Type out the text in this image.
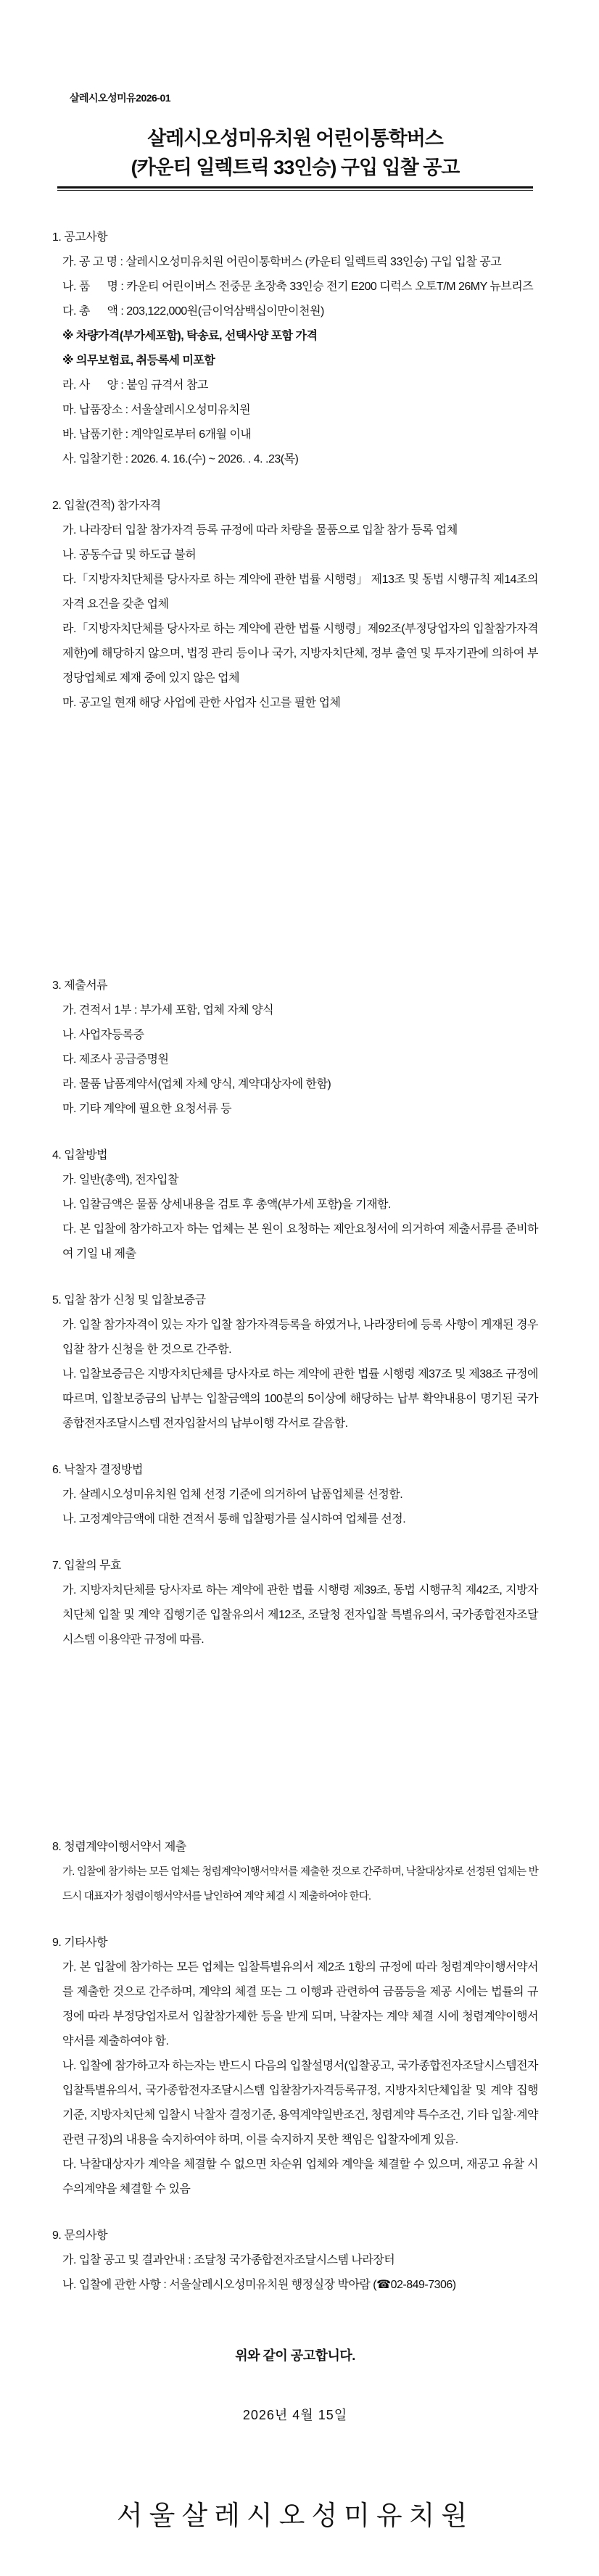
살레시오성미유2026-01

살레시오성미유치원 어린이통학버스
(카운티 일렉트릭 33인승) 구입 입찰 공고

1. 공고사항

가. 공 고 명 : 살레시오성미유치원 어린이통학버스 (카운티 일렉트릭 33인승) 구입 입찰 공고

나. 품      명 : 카운티 어린이버스 전중문 초장축 33인승 전기 E200 디럭스 오토T/M 26MY 뉴브리즈

다. 총      액 : 203,122,000원(금이억삼백십이만이천원)

※ 차량가격(부가세포함), 탁송료, 선택사양 포함 가격

※ 의무보험료, 취등록세 미포함

라. 사      양 : 붙임 규격서 참고

마. 납품장소 : 서울살레시오성미유치원

바. 납품기한 : 계약일로부터 6개월 이내

사. 입찰기한 : 2026. 4. 16.(수) ~ 2026. . 4. .23(목)

2. 입찰(견적) 참가자격

가. 나라장터 입찰 참가자격 등록 규정에 따라 차량을 물품으로 입찰 참가 등록 업체

나. 공동수급 및 하도급 불허

다.「지방자치단체를 당사자로 하는 계약에 관한 법률 시행령」 제13조 및 동법 시행규칙 제14조의 자격 요건을 갖춘 업체

라.「지방자치단체를 당사자로 하는 계약에 관한 법률 시행령」제92조(부정당업자의 입찰참가자격 제한)에 해당하지 않으며, 법정 관리 등이나 국가, 지방자치단체, 정부 출연 및 투자기관에 의하여 부정당업체로 제재 중에 있지 않은 업체

마. 공고일 현재 해당 사업에 관한 사업자 신고를 필한 업체

3. 제출서류

가. 견적서 1부 : 부가세 포함, 업체 자체 양식

나. 사업자등록증

다. 제조사 공급증명원

라. 물품 납품계약서(업체 자체 양식, 계약대상자에 한함)

마. 기타 계약에 필요한 요청서류 등

4. 입찰방법

가. 일반(총액), 전자입찰

나. 입찰금액은 물품 상세내용을 검토 후 총액(부가세 포함)을 기재함.

다. 본 입찰에 참가하고자 하는 업체는 본 원이 요청하는 제안요청서에 의거하여 제출서류를 준비하여 기일 내 제출

5. 입찰 참가 신청 및 입찰보증금

가. 입찰 참가자격이 있는 자가 입찰 참가자격등록을 하였거나, 나라장터에 등록 사항이 게재된 경우 입찰 참가 신청을 한 것으로 간주함.

나. 입찰보증금은 지방자치단체를 당사자로 하는 계약에 관한 법률 시행령 제37조 및 제38조 규정에 따르며, 입찰보증금의 납부는 입찰금액의 100분의 5이상에 해당하는 납부 확약내용이 명기된 국가종합전자조달시스템 전자입찰서의 납부이행 각서로 갈음함.

6. 낙찰자 결정방법

가. 살레시오성미유치원 업체 선정 기준에 의거하여 납품업체를 선정함.

나. 고정계약금액에 대한 견적서 통해 입찰평가를 실시하여 업체를 선정.

7. 입찰의 무효

가. 지방자치단체를 당사자로 하는 계약에 관한 법률 시행령 제39조, 동법 시행규칙 제42조, 지방자치단체 입찰 및 계약 집행기준 입찰유의서 제12조, 조달청 전자입찰 특별유의서, 국가종합전자조달시스템 이용약관 규정에 따름.

8. 청렴계약이행서약서 제출

가. 입찰에 참가하는 모든 업체는 청렴계약이행서약서를 제출한 것으로 간주하며, 낙찰대상자로 선정된 업체는 반드시 대표자가 청렴이행서약서를 날인하여 계약 체결 시 제출하여야 한다.

9. 기타사항

가. 본 입찰에 참가하는 모든 업체는 입찰특별유의서 제2조 1항의 규정에 따라 청렴계약이행서약서를 제출한 것으로 간주하며, 계약의 체결 또는 그 이행과 관련하여 금품등을 제공 시에는 법률의 규정에 따라 부정당업자로서 입찰참가제한 등을 받게 되며, 낙찰자는 계약 체결 시에 청렴계약이행서약서를 제출하여야 함.

나. 입찰에 참가하고자 하는자는 반드시 다음의 입찰설명서(입찰공고, 국가종합전자조달시스템전자입찰특별유의서, 국가종합전자조달시스템 입찰참가자격등록규정, 지방자치단체입찰 및 계약 집행기준, 지방자치단체 입찰시 낙찰자 결정기준, 용역계약일반조건, 청렴계약 특수조건, 기타 입찰·계약관련 규정)의 내용을 숙지하여야 하며, 이를 숙지하지 못한 책임은 입찰자에게 있음.

다. 낙찰대상자가 계약을 체결할 수 없으면 차순위 업체와 계약을 체결할 수 있으며, 재공고 유찰 시 수의계약을 체결할 수 있음

9. 문의사항

가. 입찰 공고 및 결과안내 : 조달청 국가종합전자조달시스템 나라장터

나. 입찰에 관한 사항 : 서울살레시오성미유치원 행정실장 박아람 (☎02-849-7306)

위와 같이 공고합니다.

2026년 4월 15일

서울살레시오성미유치원
